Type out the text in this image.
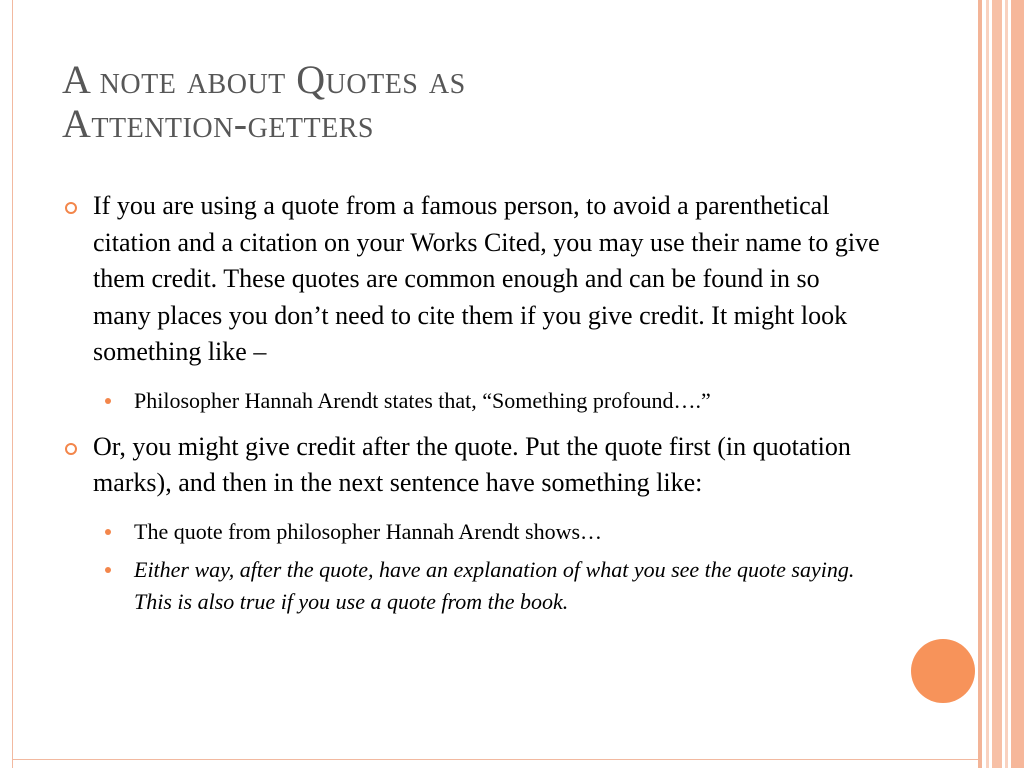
A note about Quotes as
Attention-getters
If you are using a quote from a famous person, to avoid a parenthetical citation and a citation on your Works Cited, you may use their name to give them credit. These quotes are common enough and can be found in so many places you don’t need to cite them if you give credit. It might look something like –
Philosopher Hannah Arendt states that, “Something profound….”
Or, you might give credit after the quote. Put the quote first (in quotation marks), and then in the next sentence have something like:
The quote from philosopher Hannah Arendt shows…
Either way, after the quote, have an explanation of what you see the quote saying. This is also true if you use a quote from the book.
